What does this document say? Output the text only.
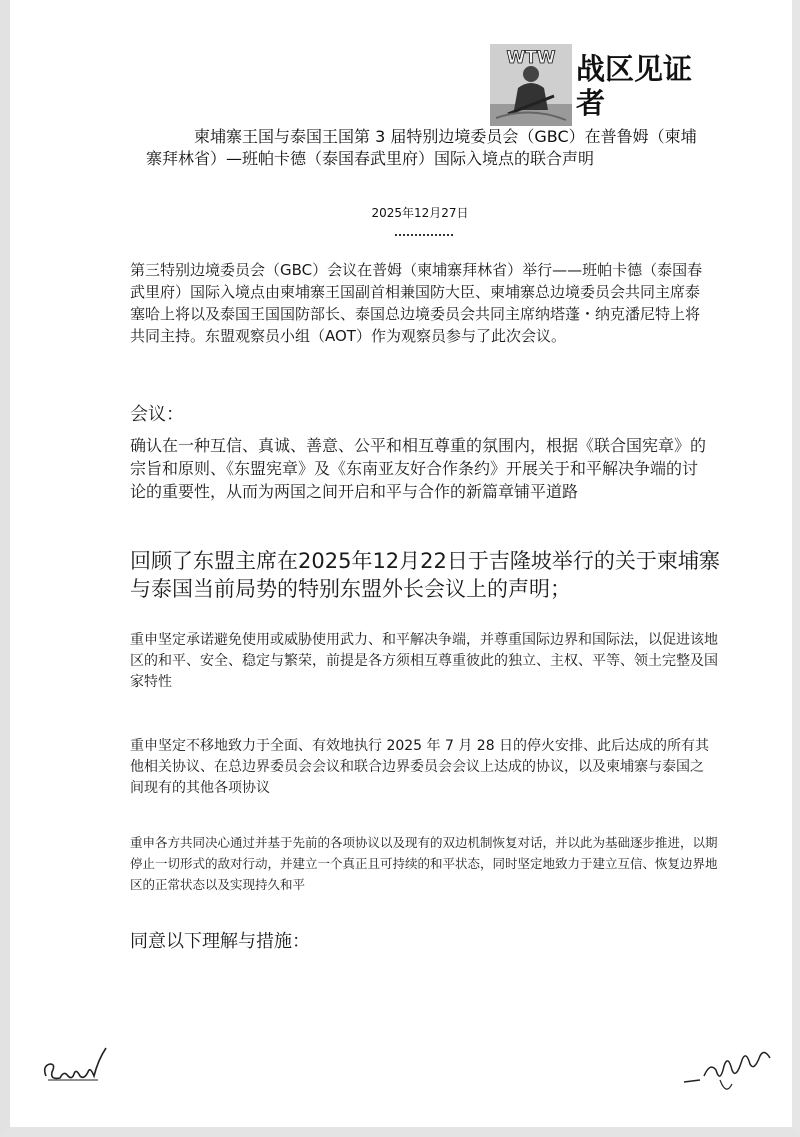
WTW 战区见证者
柬埔寨王国与泰国王国第 3 届特别边境委员会（GBC）在普鲁姆（柬埔寨拜林省）—班帕卡德（泰国春武里府）国际入境点的联合声明
2025年12月27日
第三特别边境委员会（GBC）会议在普姆（柬埔寨拜林省）举行——班帕卡德（泰国春武里府）国际入境点由柬埔寨王国副首相兼国防大臣、柬埔寨总边境委员会共同主席泰塞哈上将以及泰国王国国防部长、泰国总边境委员会共同主席纳塔蓬・纳克潘尼特上将共同主持。东盟观察员小组（AOT）作为观察员参与了此次会议。
会议：
确认在一种互信、真诚、善意、公平和相互尊重的氛围内，根据《联合国宪章》的宗旨和原则、《东盟宪章》及《东南亚友好合作条约》开展关于和平解决争端的讨论的重要性，从而为两国之间开启和平与合作的新篇章铺平道路
回顾了东盟主席在2025年12月22日于吉隆坡举行的关于柬埔寨与泰国当前局势的特别东盟外长会议上的声明；
重申坚定承诺避免使用或威胁使用武力、和平解决争端，并尊重国际边界和国际法，以促进该地区的和平、安全、稳定与繁荣，前提是各方须相互尊重彼此的独立、主权、平等、领土完整及国家特性
重申坚定不移地致力于全面、有效地执行 2025 年 7 月 28 日的停火安排、此后达成的所有其他相关协议、在总边界委员会会议和联合边界委员会会议上达成的协议，以及柬埔寨与泰国之间现有的其他各项协议
重申各方共同决心通过并基于先前的各项协议以及现有的双边机制恢复对话，并以此为基础逐步推进，以期停止一切形式的敌对行动，并建立一个真正且可持续的和平状态，同时坚定地致力于建立互信、恢复边界地区的正常状态以及实现持久和平
同意以下理解与措施：
